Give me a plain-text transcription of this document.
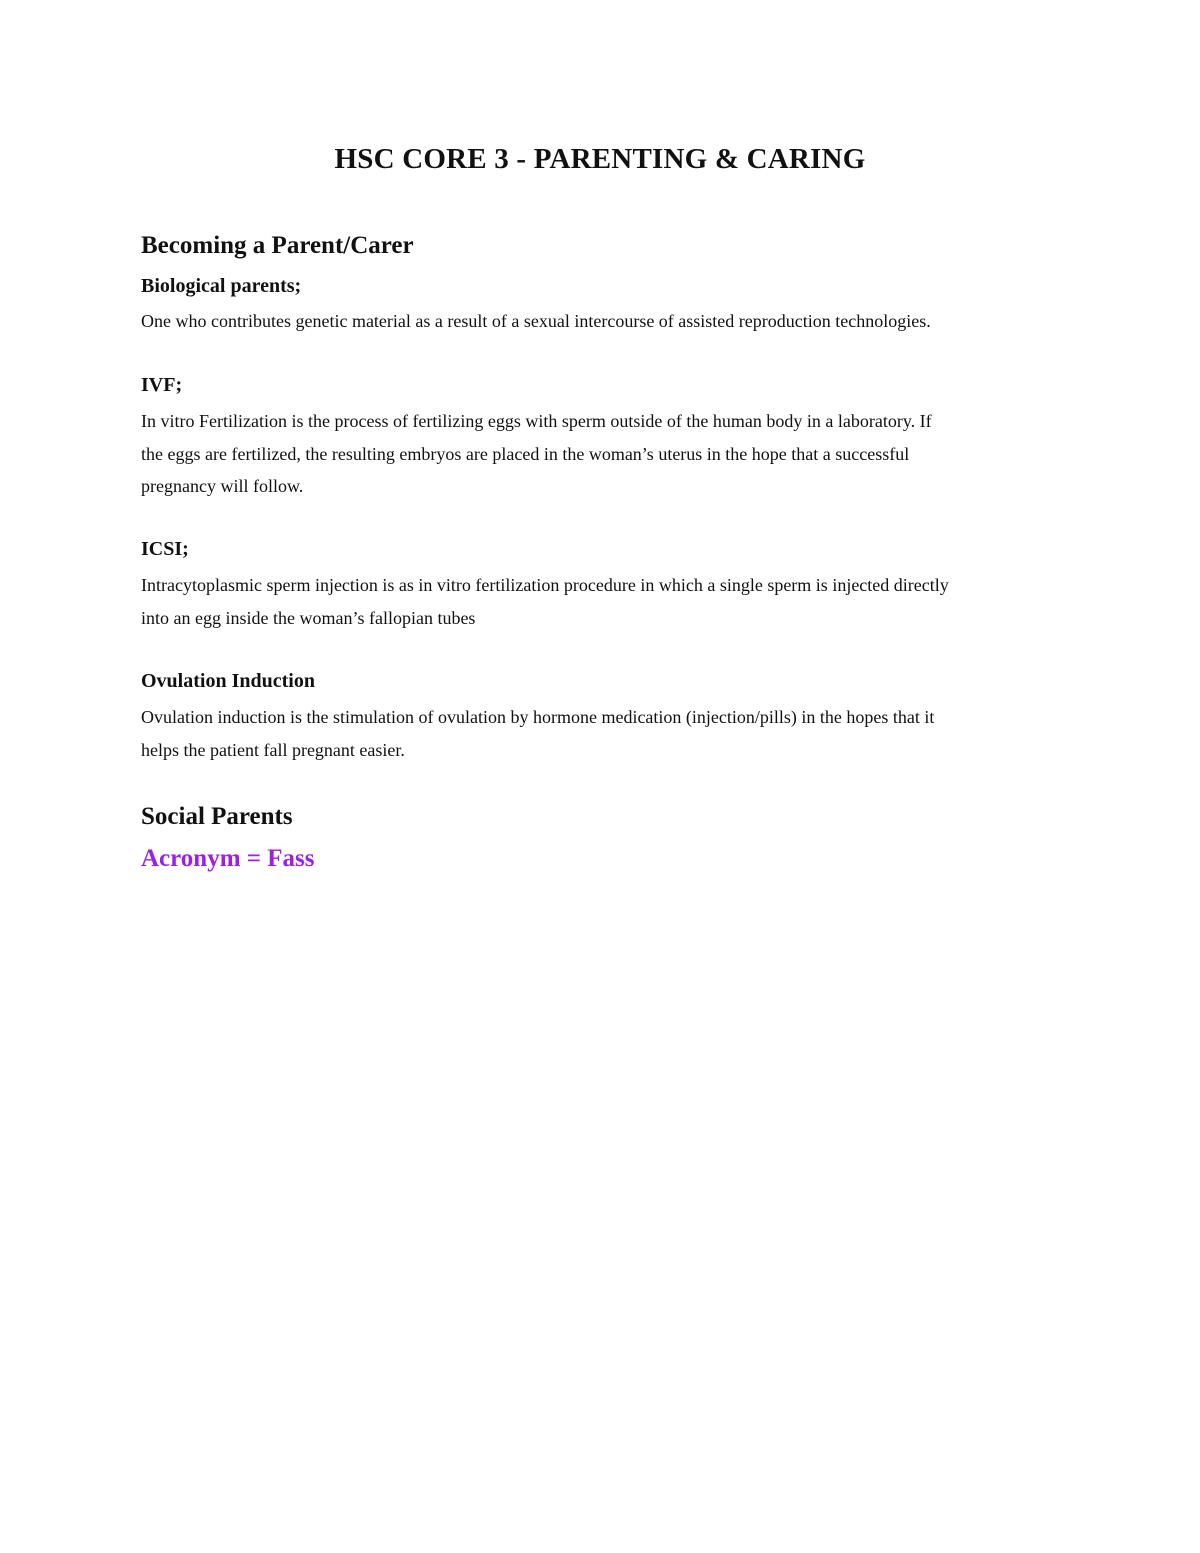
HSC CORE 3 - PARENTING & CARING
Becoming a Parent/Carer
Biological parents;

One who contributes genetic material as a result of a sexual intercourse of assisted reproduction technologies.

IVF;

In vitro Fertilization is the process of fertilizing eggs with sperm outside of the human body in a laboratory. If
the eggs are fertilized, the resulting embryos are placed in the woman’s uterus in the hope that a successful
pregnancy will follow.

ICSI;

Intracytoplasmic sperm injection is as in vitro fertilization procedure in which a single sperm is injected directly
into an egg inside the woman’s fallopian tubes

Ovulation Induction

Ovulation induction is the stimulation of ovulation by hormone medication (injection/pills) in the hopes that it
helps the patient fall pregnant easier.

Social Parents
Acronym = Fass
